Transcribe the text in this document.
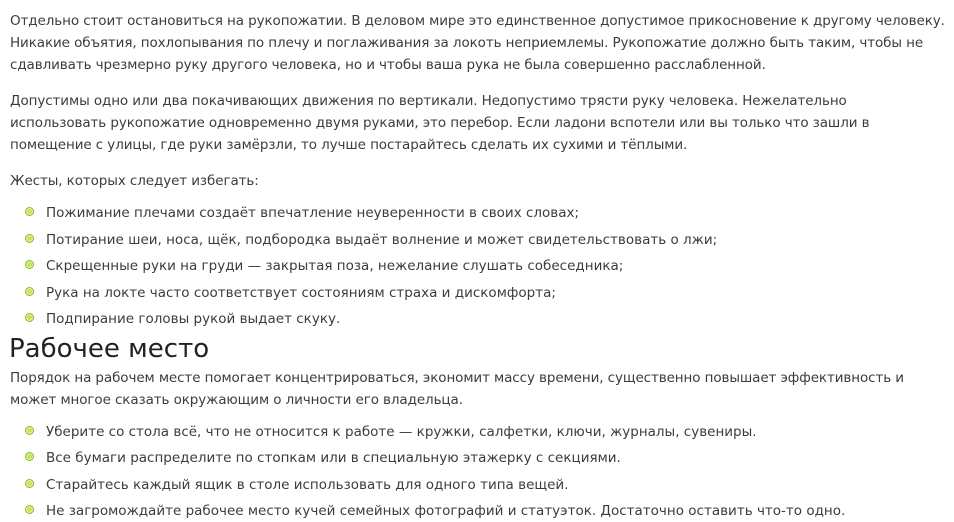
Отдельно стоит остановиться на рукопожатии. В деловом мире это единственное допустимое прикосновение к другому человеку. Никакие объятия, похлопывания по плечу и поглаживания за локоть неприемлемы. Рукопожатие должно быть таким, чтобы не сдавливать чрезмерно руку другого человека, но и чтобы ваша рука не была совершенно расслабленной.

Допустимы одно или два покачивающих движения по вертикали. Недопустимо трясти руку человека. Нежелательно использовать рукопожатие одновременно двумя руками, это перебор. Если ладони вспотели или вы только что зашли в помещение с улицы, где руки замёрзли, то лучше постарайтесь сделать их сухими и тёплыми.

Жесты, которых следует избегать:

Пожимание плечами создаёт впечатление неуверенности в своих словах;
Потирание шеи, носа, щёк, подбородка выдаёт волнение и может свидетельствовать о лжи;
Скрещенные руки на груди — закрытая поза, нежелание слушать собеседника;
Рука на локте часто соответствует состояниям страха и дискомфорта;
Подпирание головы рукой выдает скуку.
Рабочее место

Порядок на рабочем месте помогает концентрироваться, экономит массу времени, существенно повышает эффективность и может многое сказать окружающим о личности его владельца.

Уберите со стола всё, что не относится к работе — кружки, салфетки, ключи, журналы, сувениры.
Все бумаги распределите по стопкам или в специальную этажерку с секциями.
Старайтесь каждый ящик в столе использовать для одного типа вещей.
Не загромождайте рабочее место кучей семейных фотографий и статуэток. Достаточно оставить что-то одно.
